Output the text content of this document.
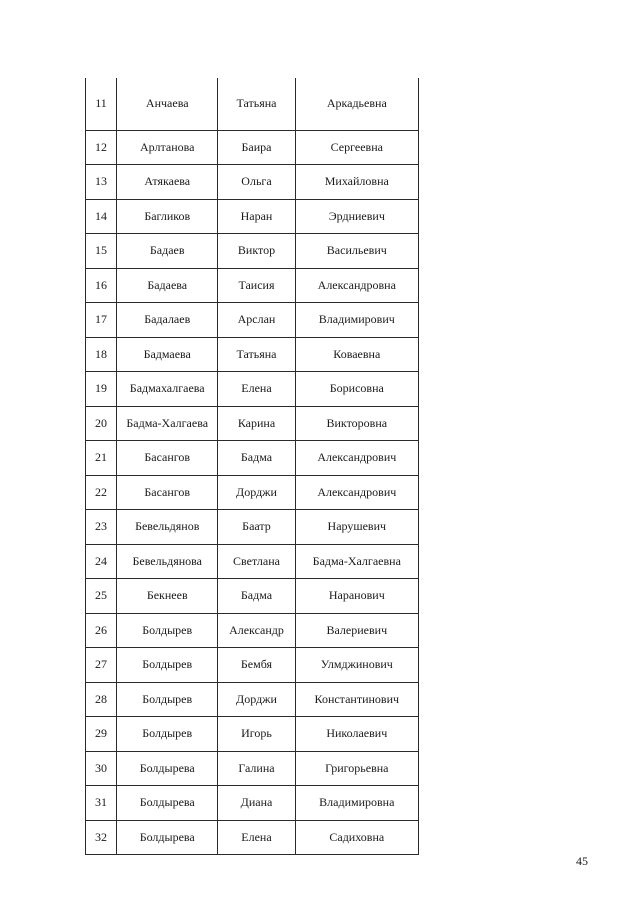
11	Анчаева	Татьяна	Аркадьевна
12	Арлтанова	Баира	Сергеевна
13	Атякаева	Ольга	Михайловна
14	Багликов	Наран	Эрдниевич
15	Бадаев	Виктор	Васильевич
16	Бадаева	Таисия	Александровна
17	Бадалаев	Арслан	Владимирович
18	Бадмаева	Татьяна	Коваевна
19	Бадмахалгаева	Елена	Борисовна
20	Бадма-Халгаева	Карина	Викторовна
21	Басангов	Бадма	Александрович
22	Басангов	Дорджи	Александрович
23	Бевельдянов	Баатр	Нарушевич
24	Бевельдянова	Светлана	Бадма-Халгаевна
25	Бекнеев	Бадма	Наранович
26	Болдырев	Александр	Валериевич
27	Болдырев	Бембя	Улмджинович
28	Болдырев	Дорджи	Константинович
29	Болдырев	Игорь	Николаевич
30	Болдырева	Галина	Григорьевна
31	Болдырева	Диана	Владимировна
32	Болдырева	Елена	Садиховна
45
